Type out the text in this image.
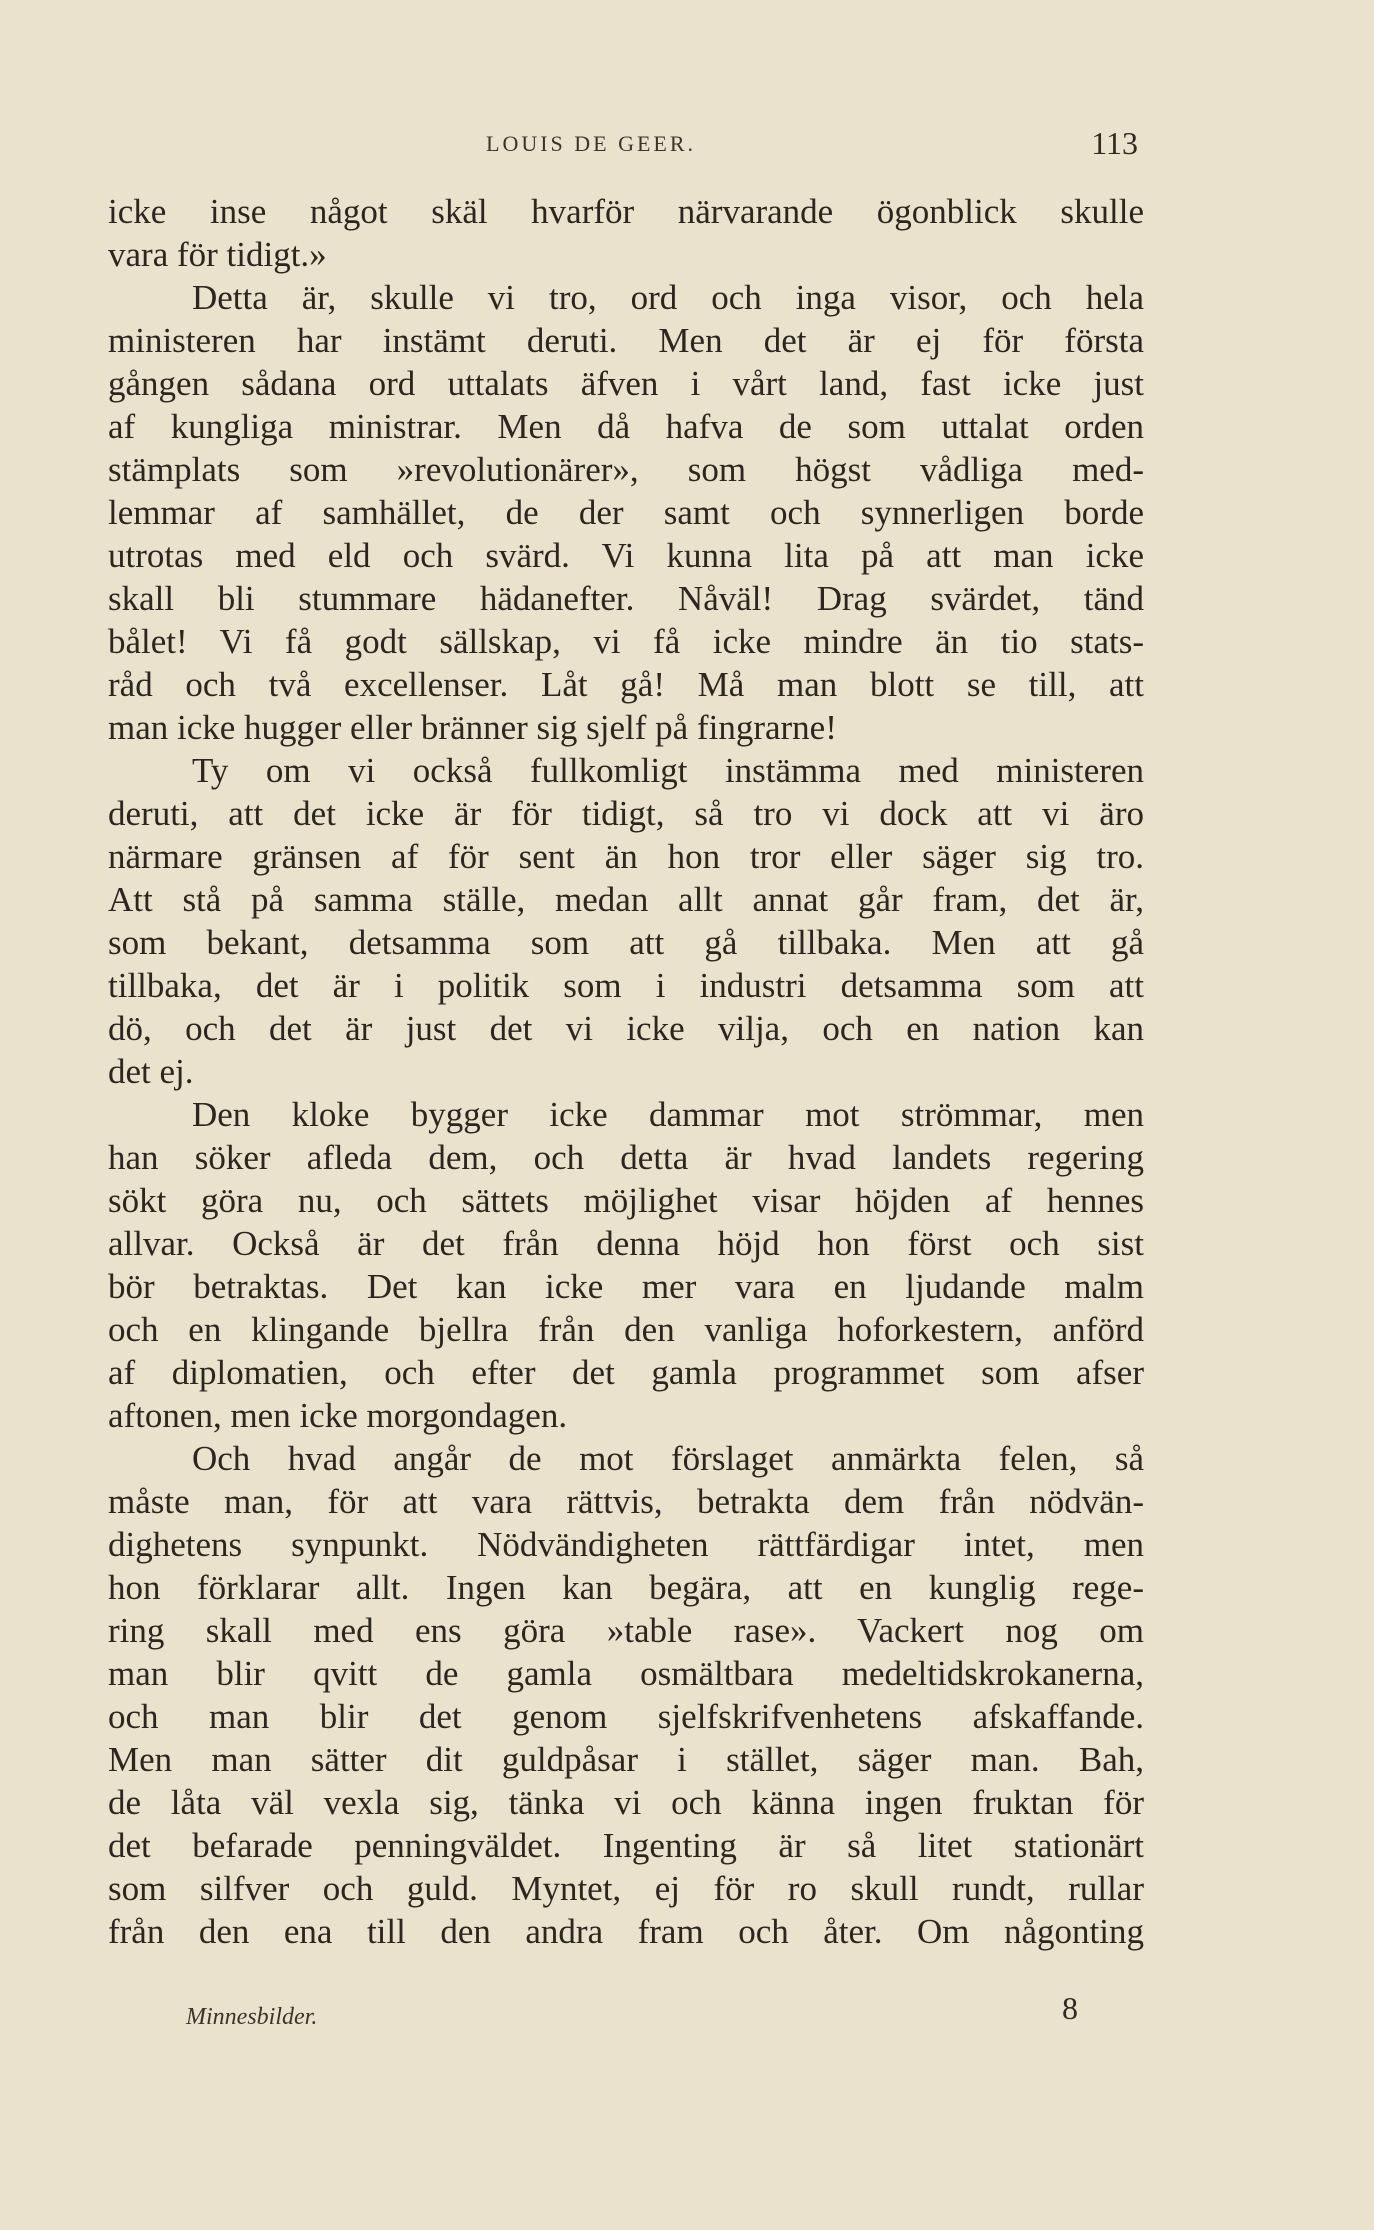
LOUIS DE GEER.	113
icke inse något skäl hvarför närvarande ögonblick skulle
vara för tidigt.»
Detta är, skulle vi tro, ord och inga visor, och hela
ministeren har instämt deruti. Men det är ej för första
gången sådana ord uttalats äfven i vårt land, fast icke just
af kungliga ministrar. Men då hafva de som uttalat orden
stämplats som »revolutionärer», som högst vådliga med-
lemmar af samhället, de der samt och synnerligen borde
utrotas med eld och svärd. Vi kunna lita på att man icke
skall bli stummare hädanefter. Nåväl! Drag svärdet, tänd
bålet! Vi få godt sällskap, vi få icke mindre än tio stats-
råd och två excellenser. Låt gå! Må man blott se till, att
man icke hugger eller bränner sig sjelf på fingrarne!
Ty om vi också fullkomligt instämma med ministeren
deruti, att det icke är för tidigt, så tro vi dock att vi äro
närmare gränsen af för sent än hon tror eller säger sig tro.
Att stå på samma ställe, medan allt annat går fram, det är,
som bekant, detsamma som att gå tillbaka. Men att gå
tillbaka, det är i politik som i industri detsamma som att
dö, och det är just det vi icke vilja, och en nation kan
det ej.
Den kloke bygger icke dammar mot strömmar, men
han söker afleda dem, och detta är hvad landets regering
sökt göra nu, och sättets möjlighet visar höjden af hennes
allvar. Också är det från denna höjd hon först och sist
bör betraktas. Det kan icke mer vara en ljudande malm
och en klingande bjellra från den vanliga hoforkestern, anförd
af diplomatien, och efter det gamla programmet som afser
aftonen, men icke morgondagen.
Och hvad angår de mot förslaget anmärkta felen, så
måste man, för att vara rättvis, betrakta dem från nödvän-
dighetens synpunkt. Nödvändigheten rättfärdigar intet, men
hon förklarar allt. Ingen kan begära, att en kunglig rege-
ring skall med ens göra »table rase». Vackert nog om
man blir qvitt de gamla osmältbara medeltidskrokanerna,
och man blir det genom sjelfskrifvenhetens afskaffande.
Men man sätter dit guldpåsar i stället, säger man. Bah,
de låta väl vexla sig, tänka vi och känna ingen fruktan för
det befarade penningväldet. Ingenting är så litet stationärt
som silfver och guld. Myntet, ej för ro skull rundt, rullar
från den ena till den andra fram och åter. Om någonting
Minnesbilder.	8
